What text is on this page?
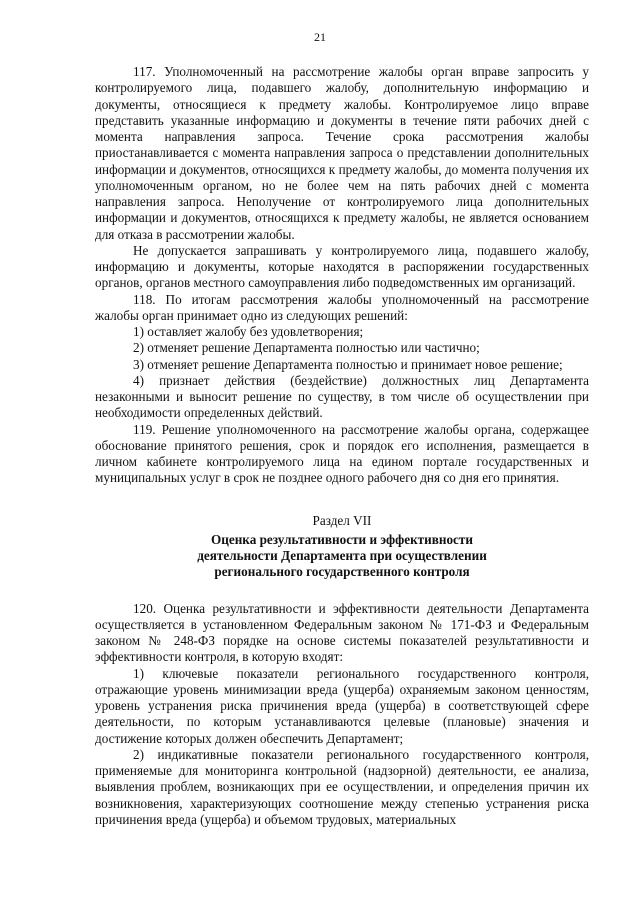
21

117. Уполномоченный на рассмотрение жалобы орган вправе запросить у контролируемого лица, подавшего жалобу, дополнительную информацию и документы, относящиеся к предмету жалобы. Контролируемое лицо вправе представить указанные информацию и документы в течение пяти рабочих дней с момента направления запроса. Течение срока рассмотрения жалобы приостанавливается с момента направления запроса о представлении дополнительных информации и документов, относящихся к предмету жалобы, до момента получения их уполномоченным органом, но не более чем на пять рабочих дней с момента направления запроса. Неполучение от контролируемого лица дополнительных информации и документов, относящихся к предмету жалобы, не является основанием для отказа в рассмотрении жалобы.

Не допускается запрашивать у контролируемого лица, подавшего жалобу, информацию и документы, которые находятся в распоряжении государственных органов, органов местного самоуправления либо подведомственных им организаций.

118. По итогам рассмотрения жалобы уполномоченный на рассмотрение жалобы орган принимает одно из следующих решений:

1) оставляет жалобу без удовлетворения;

2) отменяет решение Департамента полностью или частично;

3) отменяет решение Департамента полностью и принимает новое решение;

4) признает действия (бездействие) должностных лиц Департамента незаконными и выносит решение по существу, в том числе об осуществлении при необходимости определенных действий.

119. Решение уполномоченного на рассмотрение жалобы органа, содержащее обоснование принятого решения, срок и порядок его исполнения, размещается в личном кабинете контролируемого лица на едином портале государственных и муниципальных услуг в срок не позднее одного рабочего дня со дня его принятия.

Раздел VII
Оценка результативности и эффективности
деятельности Департамента при осуществлении
регионального государственного контроля

120. Оценка результативности и эффективности деятельности Департамента осуществляется в установленном Федеральным законом № 171-ФЗ и Федеральным законом № 248-ФЗ порядке на основе системы показателей результативности и эффективности контроля, в которую входят:

1) ключевые показатели регионального государственного контроля, отражающие уровень минимизации вреда (ущерба) охраняемым законом ценностям, уровень устранения риска причинения вреда (ущерба) в соответствующей сфере деятельности, по которым устанавливаются целевые (плановые) значения и достижение которых должен обеспечить Департамент;

2) индикативные показатели регионального государственного контроля, применяемые для мониторинга контрольной (надзорной) деятельности, ее анализа, выявления проблем, возникающих при ее осуществлении, и определения причин их возникновения, характеризующих соотношение между степенью устранения риска причинения вреда (ущерба) и объемом трудовых, материальных
